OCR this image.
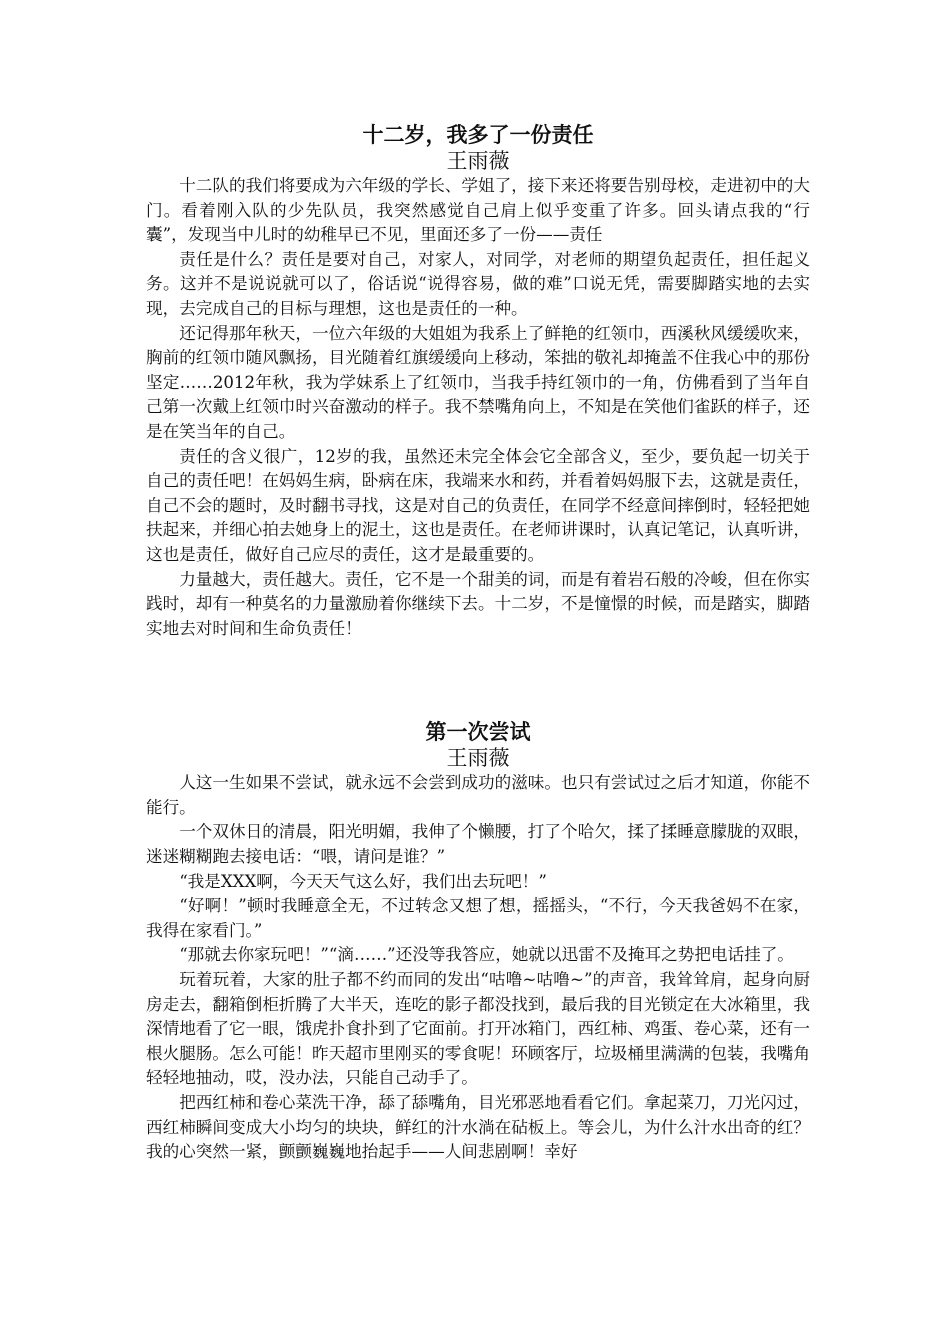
十二岁，我多了一份责任
王雨薇

十二队的我们将要成为六年级的学长、学姐了，接下来还将要告别母校，走进初中的大门。看着刚入队的少先队员，我突然感觉自己肩上似乎变重了许多。回头请点我的“行囊”，发现当中儿时的幼稚早已不见，里面还多了一份——责任

责任是什么？责任是要对自己，对家人，对同学，对老师的期望负起责任，担任起义务。这并不是说说就可以了，俗话说“说得容易，做的难”口说无凭，需要脚踏实地的去实现，去完成自己的目标与理想，这也是责任的一种。

还记得那年秋天，一位六年级的大姐姐为我系上了鲜艳的红领巾，西溪秋风缓缓吹来，胸前的红领巾随风飘扬，目光随着红旗缓缓向上移动，笨拙的敬礼却掩盖不住我心中的那份坚定……2012年秋，我为学妹系上了红领巾，当我手持红领巾的一角，仿佛看到了当年自己第一次戴上红领巾时兴奋激动的样子。我不禁嘴角向上，不知是在笑他们雀跃的样子，还是在笑当年的自己。

责任的含义很广，12岁的我，虽然还未完全体会它全部含义，至少，要负起一切关于自己的责任吧！在妈妈生病，卧病在床，我端来水和药，并看着妈妈服下去，这就是责任，自己不会的题时，及时翻书寻找，这是对自己的负责任，在同学不经意间摔倒时，轻轻把她扶起来，并细心拍去她身上的泥土，这也是责任。在老师讲课时，认真记笔记，认真听讲，这也是责任，做好自己应尽的责任，这才是最重要的。

力量越大，责任越大。责任，它不是一个甜美的词，而是有着岩石般的冷峻，但在你实践时，却有一种莫名的力量激励着你继续下去。十二岁，不是憧憬的时候，而是踏实，脚踏实地去对时间和生命负责任！

第一次尝试
王雨薇

人这一生如果不尝试，就永远不会尝到成功的滋味。也只有尝试过之后才知道，你能不能行。

一个双休日的清晨，阳光明媚，我伸了个懒腰，打了个哈欠，揉了揉睡意朦胧的双眼，迷迷糊糊跑去接电话：“喂，请问是谁？”

“我是XXX啊，今天天气这么好，我们出去玩吧！”

“好啊！”顿时我睡意全无，不过转念又想了想，摇摇头，“不行，今天我爸妈不在家，我得在家看门。”

“那就去你家玩吧！”“滴……”还没等我答应，她就以迅雷不及掩耳之势把电话挂了。

玩着玩着，大家的肚子都不约而同的发出“咕噜~咕噜~”的声音，我耸耸肩，起身向厨房走去，翻箱倒柜折腾了大半天，连吃的影子都没找到，最后我的目光锁定在大冰箱里，我深情地看了它一眼，饿虎扑食扑到了它面前。打开冰箱门，西红柿、鸡蛋、卷心菜，还有一根火腿肠。怎么可能！昨天超市里刚买的零食呢！环顾客厅，垃圾桶里满满的包装，我嘴角轻轻地抽动，哎，没办法，只能自己动手了。

把西红柿和卷心菜洗干净，舔了舔嘴角，目光邪恶地看看它们。拿起菜刀，刀光闪过，西红柿瞬间变成大小均匀的块块，鲜红的汁水淌在砧板上。等会儿，为什么汁水出奇的红？我的心突然一紧，颤颤巍巍地抬起手——人间悲剧啊！幸好
